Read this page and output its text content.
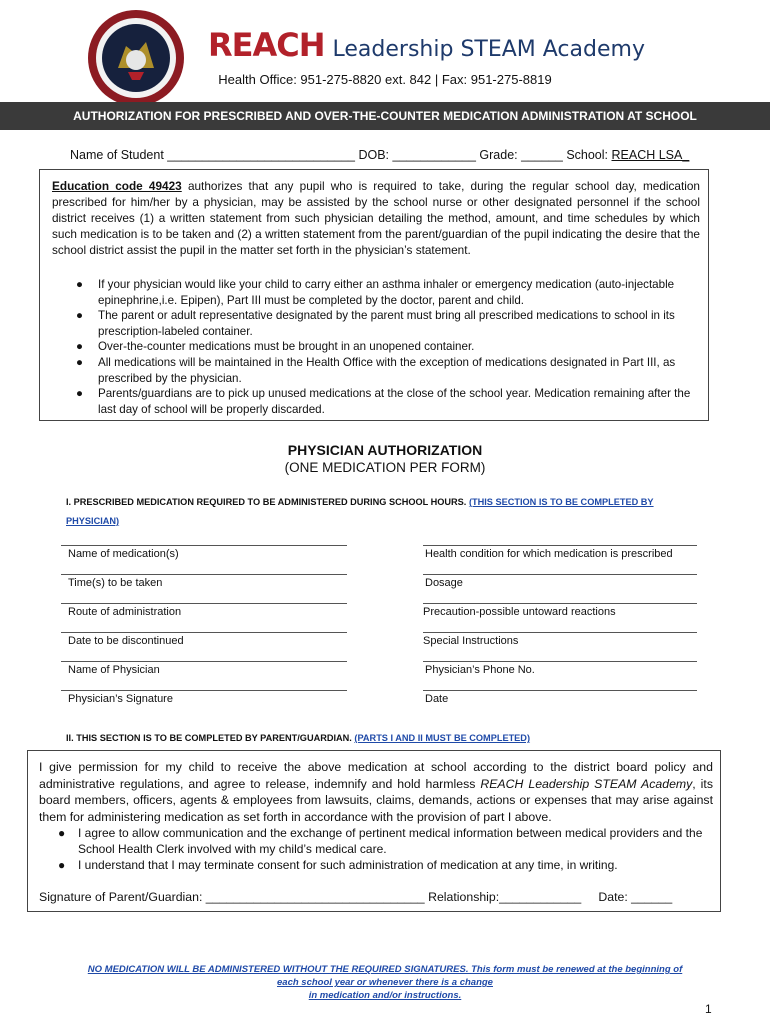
REACH Leadership STEAM Academy
Health Office: 951-275-8820 ext. 842 | Fax: 951-275-8819
AUTHORIZATION FOR PRESCRIBED AND OVER-THE-COUNTER MEDICATION ADMINISTRATION AT SCHOOL
Name of Student ___________________________ DOB: ____________ Grade: ______ School: REACH LSA_
Education code 49423 authorizes that any pupil who is required to take, during the regular school day, medication prescribed for him/her by a physician, may be assisted by the school nurse or other designated personnel if the school district receives (1) a written statement from such physician detailing the method, amount, and time schedules by which such medication is to be taken and (2) a written statement from the parent/guardian of the pupil indicating the desire that the school district assist the pupil in the matter set forth in the physician’s statement.
● If your physician would like your child to carry either an asthma inhaler or emergency medication (auto-injectable epinephrine,i.e. Epipen), Part III must be completed by the doctor, parent and child.
● The parent or adult representative designated by the parent must bring all prescribed medications to school in its prescription-labeled container.
● Over-the-counter medications must be brought in an unopened container.
● All medications will be maintained in the Health Office with the exception of medications designated in Part III, as prescribed by the physician.
● Parents/guardians are to pick up unused medications at the close of the school year. Medication remaining after the last day of school will be properly discarded.
PHYSICIAN AUTHORIZATION
(ONE MEDICATION PER FORM)
I. PRESCRIBED MEDICATION REQUIRED TO BE ADMINISTERED DURING SCHOOL HOURS. (THIS SECTION IS TO BE COMPLETED BY PHYSICIAN)
Name of medication(s)	Health condition for which medication is prescribed
Time(s) to be taken	Dosage
Route of administration	Precaution-possible untoward reactions
Date to be discontinued	Special Instructions
Name of Physician	Physician’s Phone No.
Physician’s Signature	Date
II. THIS SECTION IS TO BE COMPLETED BY PARENT/GUARDIAN. (PARTS I AND II MUST BE COMPLETED)
I give permission for my child to receive the above medication at school according to the district board policy and administrative regulations, and agree to release, indemnify and hold harmless REACH Leadership STEAM Academy, its board members, officers, agents & employees from lawsuits, claims, demands, actions or expenses that may arise against them for administering medication as set forth in accordance with the provision of part I above.
● I agree to allow communication and the exchange of pertinent medical information between medical providers and the School Health Clerk involved with my child’s medical care.
● I understand that I may terminate consent for such administration of medication at any time, in writing.
Signature of Parent/Guardian: ________________________________ Relationship:____________ Date: ______
NO MEDICATION WILL BE ADMINISTERED WITHOUT THE REQUIRED SIGNATURES. This form must be renewed at the beginning of
each school year or whenever there is a change
in medication and/or instructions.
1
